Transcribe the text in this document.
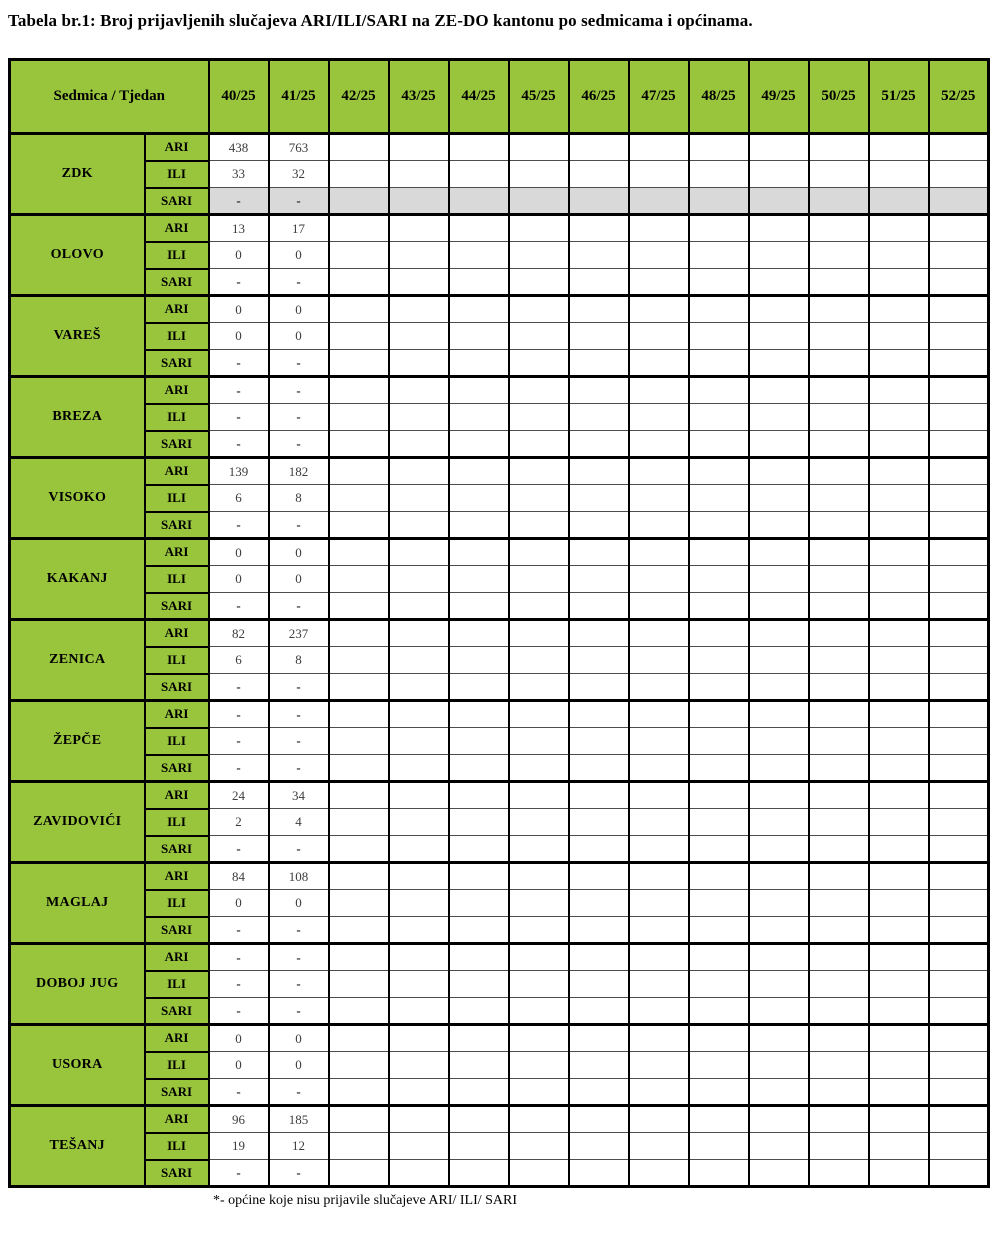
Tabela br.1: Broj prijavljenih slučajeva ARI/ILI/SARI na ZE-DO kantonu po sedmicama i općinama.
Sedmica / Tjedan		40/25	41/25	42/25	43/25	44/25	45/25	46/25	47/25	48/25	49/25	50/25	51/25	52/25
ZDK	ARI	438	763											
	ILI	33	32											
	SARI	-	-											
OLOVO	ARI	13	17											
	ILI	0	0											
	SARI	-	-											
VAREŠ	ARI	0	0											
	ILI	0	0											
	SARI	-	-											
BREZA	ARI	-	-											
	ILI	-	-											
	SARI	-	-											
VISOKO	ARI	139	182											
	ILI	6	8											
	SARI	-	-											
KAKANJ	ARI	0	0											
	ILI	0	0											
	SARI	-	-											
ZENICA	ARI	82	237											
	ILI	6	8											
	SARI	-	-											
ŽEPČE	ARI	-	-											
	ILI	-	-											
	SARI	-	-											
ZAVIDOVIĆI	ARI	24	34											
	ILI	2	4											
	SARI	-	-											
MAGLAJ	ARI	84	108											
	ILI	0	0											
	SARI	-	-											
DOBOJ JUG	ARI	-	-											
	ILI	-	-											
	SARI	-	-											
USORA	ARI	0	0											
	ILI	0	0											
	SARI	-	-											
TEŠANJ	ARI	96	185											
	ILI	19	12											
	SARI	-	-											
*- općine koje nisu prijavile slučajeve ARI/ ILI/ SARI
